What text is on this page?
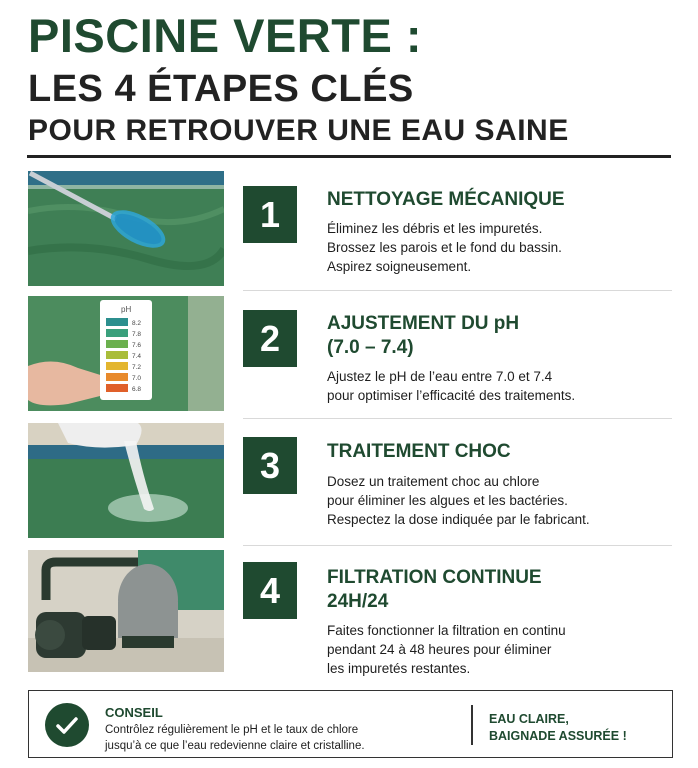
PISCINE VERTE :
LES 4 ÉTAPES CLÉS
POUR RETROUVER UNE EAU SAINE
1	NETTOYAGE MÉCANIQUE
Éliminez les débris et les impuretés.
Brossez les parois et le fond du bassin.
Aspirez soigneusement.
pH
8.2
7.8
7.6
7.4
7.2
7.0
6.8
2	AJUSTEMENT DU pH
(7.0 – 7.4)
Ajustez le pH de l’eau entre 7.0 et 7.4
pour optimiser l’efficacité des traitements.
3	TRAITEMENT CHOC
Dosez un traitement choc au chlore
pour éliminer les algues et les bactéries.
Respectez la dose indiquée par le fabricant.
4	FILTRATION CONTINUE
24H/24
Faites fonctionner la filtration en continu
pendant 24 à 48 heures pour éliminer
les impuretés restantes.
CONSEIL
Contrôlez régulièrement le pH et le taux de chlore
jusqu’à ce que l’eau redevienne claire et cristalline.
EAU CLAIRE,
BAIGNADE ASSURÉE !
